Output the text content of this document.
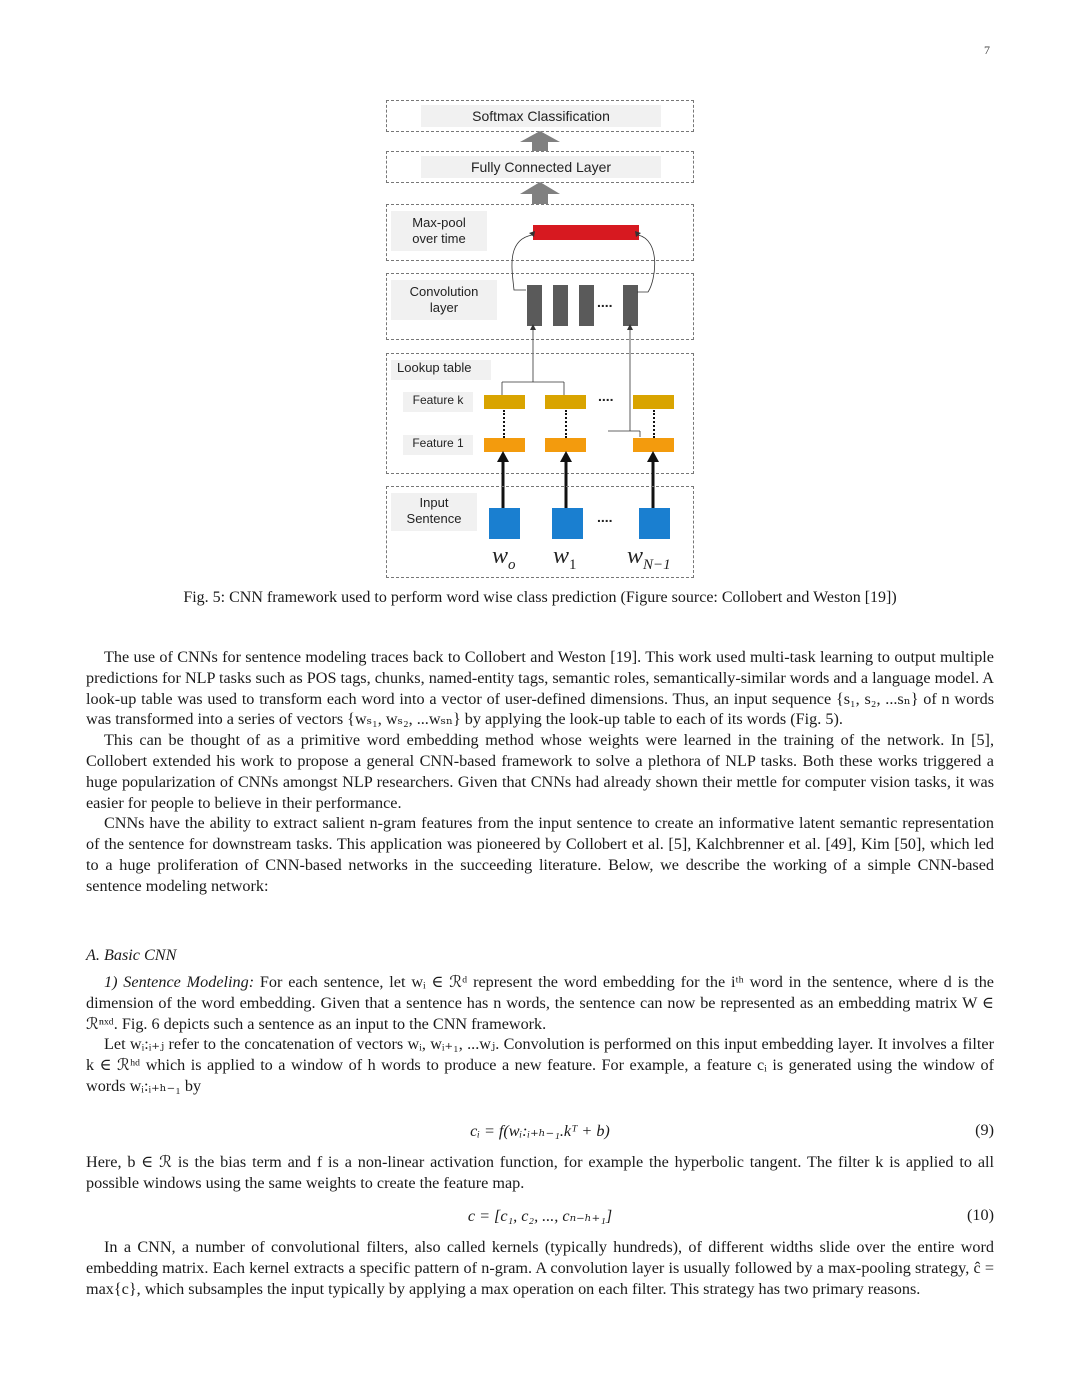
7
Softmax Classification
Fully Connected Layer
Max-pool
over time
Convolution
layer	....
Lookup table
Feature k
Feature 1
....
Input
Sentence	....
$w_o$ $w_1$ $w_{N-1}$
Fig. 5: CNN framework used to perform word wise class prediction (Figure source: Collobert and Weston [19])

The use of CNNs for sentence modeling traces back to Collobert and Weston [19]. This work used multi-task learning to output multiple predictions for NLP tasks such as POS tags, chunks, named-entity tags, semantic roles, semantically-similar words and a language model. A look-up table was used to transform each word into a vector of user-defined dimensions. Thus, an input sequence {s₁, s₂, ...sₙ} of n words was transformed into a series of vectors {wₛ₁, wₛ₂, ...wₛₙ} by applying the look-up table to each of its words (Fig. 5).

This can be thought of as a primitive word embedding method whose weights were learned in the training of the network. In [5], Collobert extended his work to propose a general CNN-based framework to solve a plethora of NLP tasks. Both these works triggered a huge popularization of CNNs amongst NLP researchers. Given that CNNs had already shown their mettle for computer vision tasks, it was easier for people to believe in their performance.

CNNs have the ability to extract salient n-gram features from the input sentence to create an informative latent semantic representation of the sentence for downstream tasks. This application was pioneered by Collobert et al. [5], Kalchbrenner et al. [49], Kim [50], which led to a huge proliferation of CNN-based networks in the succeeding literature. Below, we describe the working of a simple CNN-based sentence modeling network:

A. Basic CNN

1) Sentence Modeling: For each sentence, let wᵢ ∈ ℛᵈ represent the word embedding for the iᵗʰ word in the sentence, where d is the dimension of the word embedding. Given that a sentence has n words, the sentence can now be represented as an embedding matrix W ∈ ℛⁿˣᵈ. Fig. 6 depicts such a sentence as an input to the CNN framework.

Let wᵢ:ᵢ₊ⱼ refer to the concatenation of vectors wᵢ, wᵢ₊₁, ...wⱼ. Convolution is performed on this input embedding layer. It involves a filter k ∈ ℛʰᵈ which is applied to a window of h words to produce a new feature. For example, a feature cᵢ is generated using the window of words wᵢ:ᵢ₊ₕ₋₁ by

cᵢ = f(wᵢ:ᵢ₊ₕ₋₁.kᵀ + b)	(9)

Here, b ∈ ℛ is the bias term and f is a non-linear activation function, for example the hyperbolic tangent. The filter k is applied to all possible windows using the same weights to create the feature map.

c = [c₁, c₂, ..., cₙ₋ₕ₊₁]	(10)

In a CNN, a number of convolutional filters, also called kernels (typically hundreds), of different widths slide over the entire word embedding matrix. Each kernel extracts a specific pattern of n-gram. A convolution layer is usually followed by a max-pooling strategy, ĉ = max{c}, which subsamples the input typically by applying a max operation on each filter. This strategy has two primary reasons.
